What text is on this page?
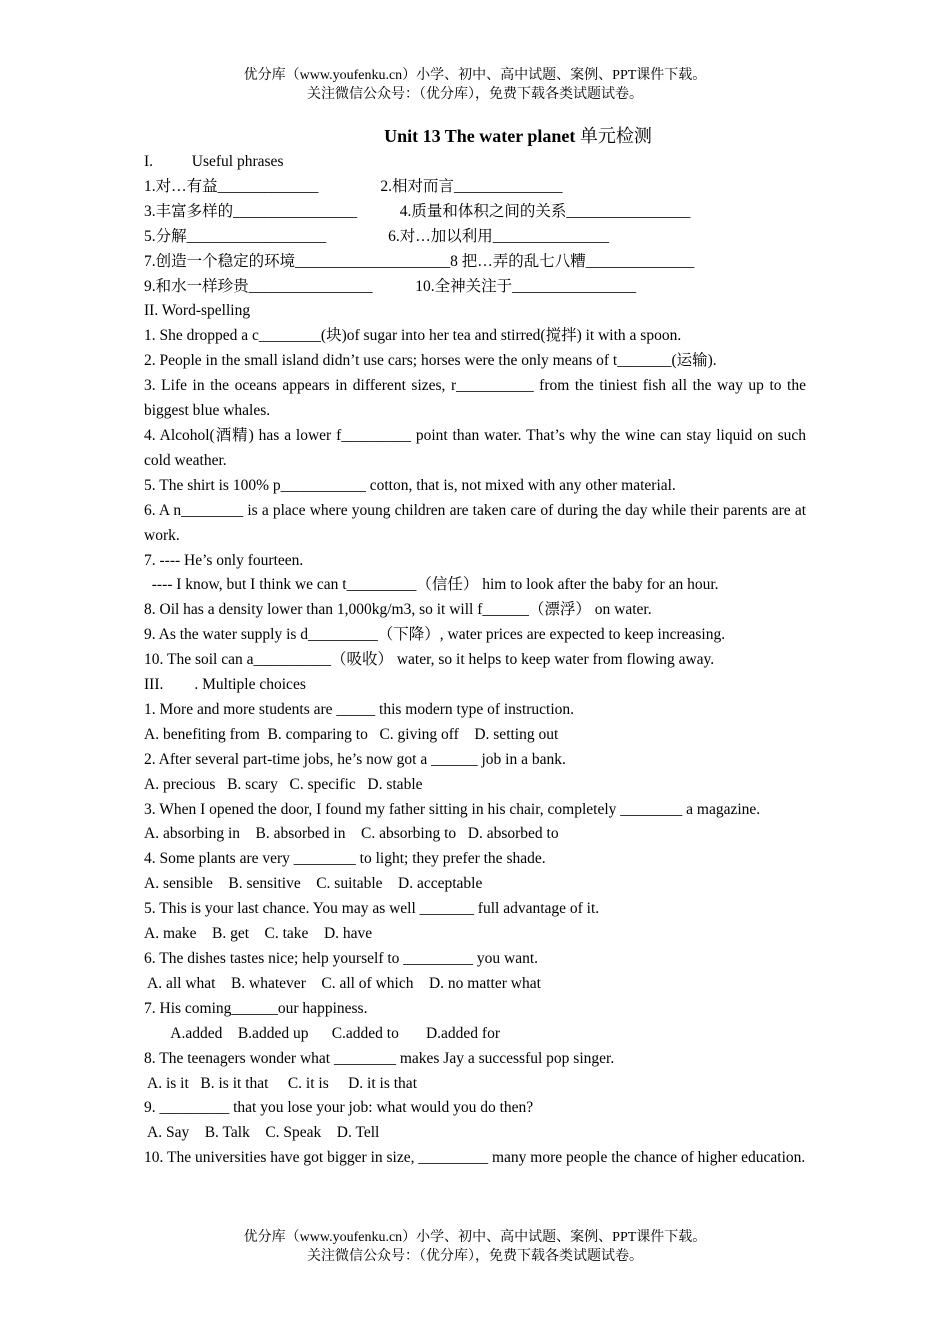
优分库（www.youfenku.cn）小学、初中、高中试题、案例、PPT课件下载。
关注微信公众号：（优分库），免费下载各类试题试卷。
Unit 13 The water planet 单元检测
I.          Useful phrases
1.对…有益_____________                2.相对而言______________
3.丰富多样的________________           4.质量和体积之间的关系________________
5.分解__________________                6.对…加以利用_______________
7.创造一个稳定的环境____________________8 把…弄的乱七八糟______________
9.和水一样珍贵________________           10.全神关注于________________
II. Word-spelling
1. She dropped a c________(块)of sugar into her tea and stirred(搅拌) it with a spoon.
2. People in the small island didn’t use cars; horses were the only means of t_______(运输).
3. Life in the oceans appears in different sizes, r__________ from the tiniest fish all the way up to the biggest blue whales.
4. Alcohol(酒精) has a lower f_________ point than water. That’s why the wine can stay liquid on such cold weather.
5. The shirt is 100% p___________ cotton, that is, not mixed with any other material.
6. A n________ is a place where young children are taken care of during the day while their parents are at work.
7. ---- He’s only fourteen.
---- I know, but I think we can t_________（信任） him to look after the baby for an hour.
8. Oil has a density lower than 1,000kg/m3, so it will f______（漂浮） on water.
9. As the water supply is d_________（下降）, water prices are expected to keep increasing.
10. The soil can a__________（吸收） water, so it helps to keep water from flowing away.
III.        . Multiple choices
1. More and more students are _____ this modern type of instruction.
A. benefiting from  B. comparing to   C. giving off    D. setting out
2. After several part-time jobs, he’s now got a ______ job in a bank.
A. precious   B. scary   C. specific   D. stable
3. When I opened the door, I found my father sitting in his chair, completely ________ a magazine.
A. absorbing in    B. absorbed in    C. absorbing to   D. absorbed to
4. Some plants are very ________ to light; they prefer the shade.
A. sensible    B. sensitive    C. suitable    D. acceptable
5. This is your last chance. You may as well _______ full advantage of it.
A. make    B. get    C. take    D. have
6. The dishes tastes nice; help yourself to _________ you want.
A. all what    B. whatever    C. all of which    D. no matter what
7. His coming______our happiness.
A.added    B.added up      C.added to       D.added for
8. The teenagers wonder what ________ makes Jay a successful pop singer.
A. is it   B. is it that     C. it is     D. it is that
9. _________ that you lose your job: what would you do then?
A. Say    B. Talk    C. Speak    D. Tell
10. The universities have got bigger in size, _________ many more people the chance of higher education.
优分库（www.youfenku.cn）小学、初中、高中试题、案例、PPT课件下载。
关注微信公众号：（优分库），免费下载各类试题试卷。
